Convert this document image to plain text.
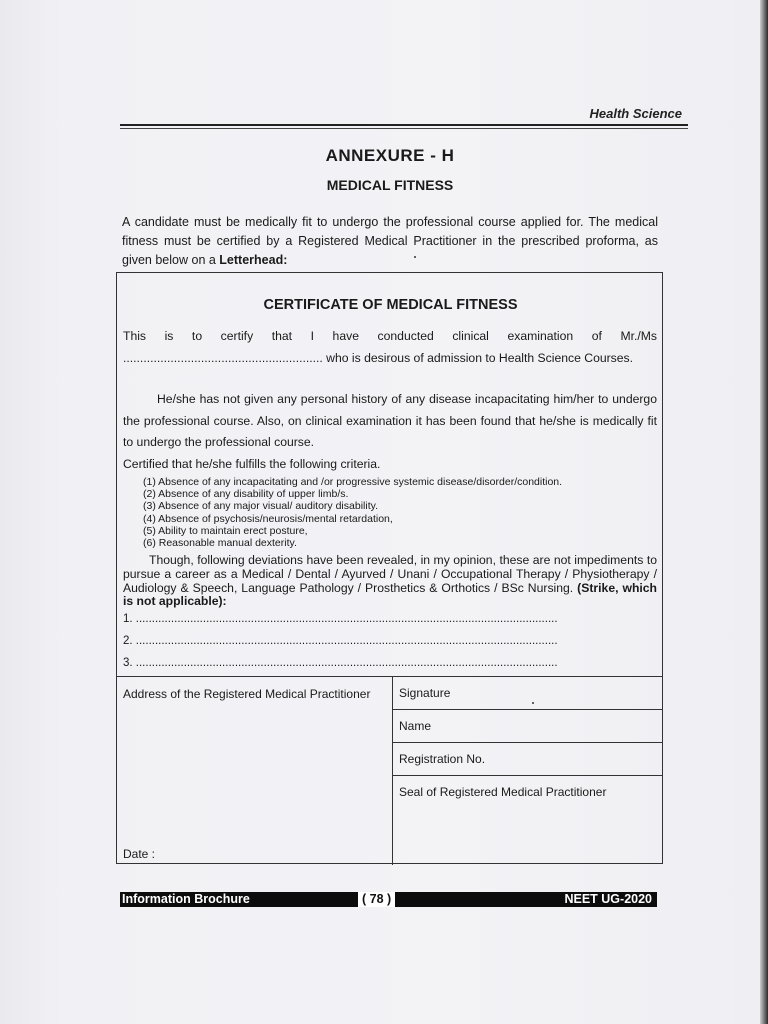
Health Science
ANNEXURE - H
MEDICAL FITNESS
A candidate must be medically fit to undergo the professional course applied for. The medical fitness must be certified by a Registered Medical Practitioner in the prescribed proforma, as given below on a Letterhead:
CERTIFICATE OF MEDICAL FITNESS
This is to certify that I have conducted clinical examination of Mr./Ms ........................................................... who is desirous of admission to Health Science Courses.
He/she has not given any personal history of any disease incapacitating him/her to undergo the professional course. Also, on clinical examination it has been found that he/she is medically fit to undergo the professional course.
Certified that he/she fulfills the following criteria.
(1) Absence of any incapacitating and /or progressive systemic disease/disorder/condition.
(2) Absence of any disability of upper limb/s.
(3) Absence of any major visual/ auditory disability.
(4) Absence of psychosis/neurosis/mental retardation,
(5) Ability to maintain erect posture,
(6) Reasonable manual dexterity.
Though, following deviations have been revealed, in my opinion, these are not impediments to pursue a career as a Medical / Dental / Ayurved / Unani / Occupational Therapy / Physiotherapy / Audiology & Speech, Language Pathology / Prosthetics & Orthotics / BSc Nursing. (Strike, which is not applicable):
1. ....................................................................................................................................
2. ....................................................................................................................................
3. ....................................................................................................................................
Address of the Registered Medical Practitioner
Date :
Signature
Name
Registration No.
Seal of Registered Medical Practitioner
Information Brochure	( 78 )	NEET UG-2020
